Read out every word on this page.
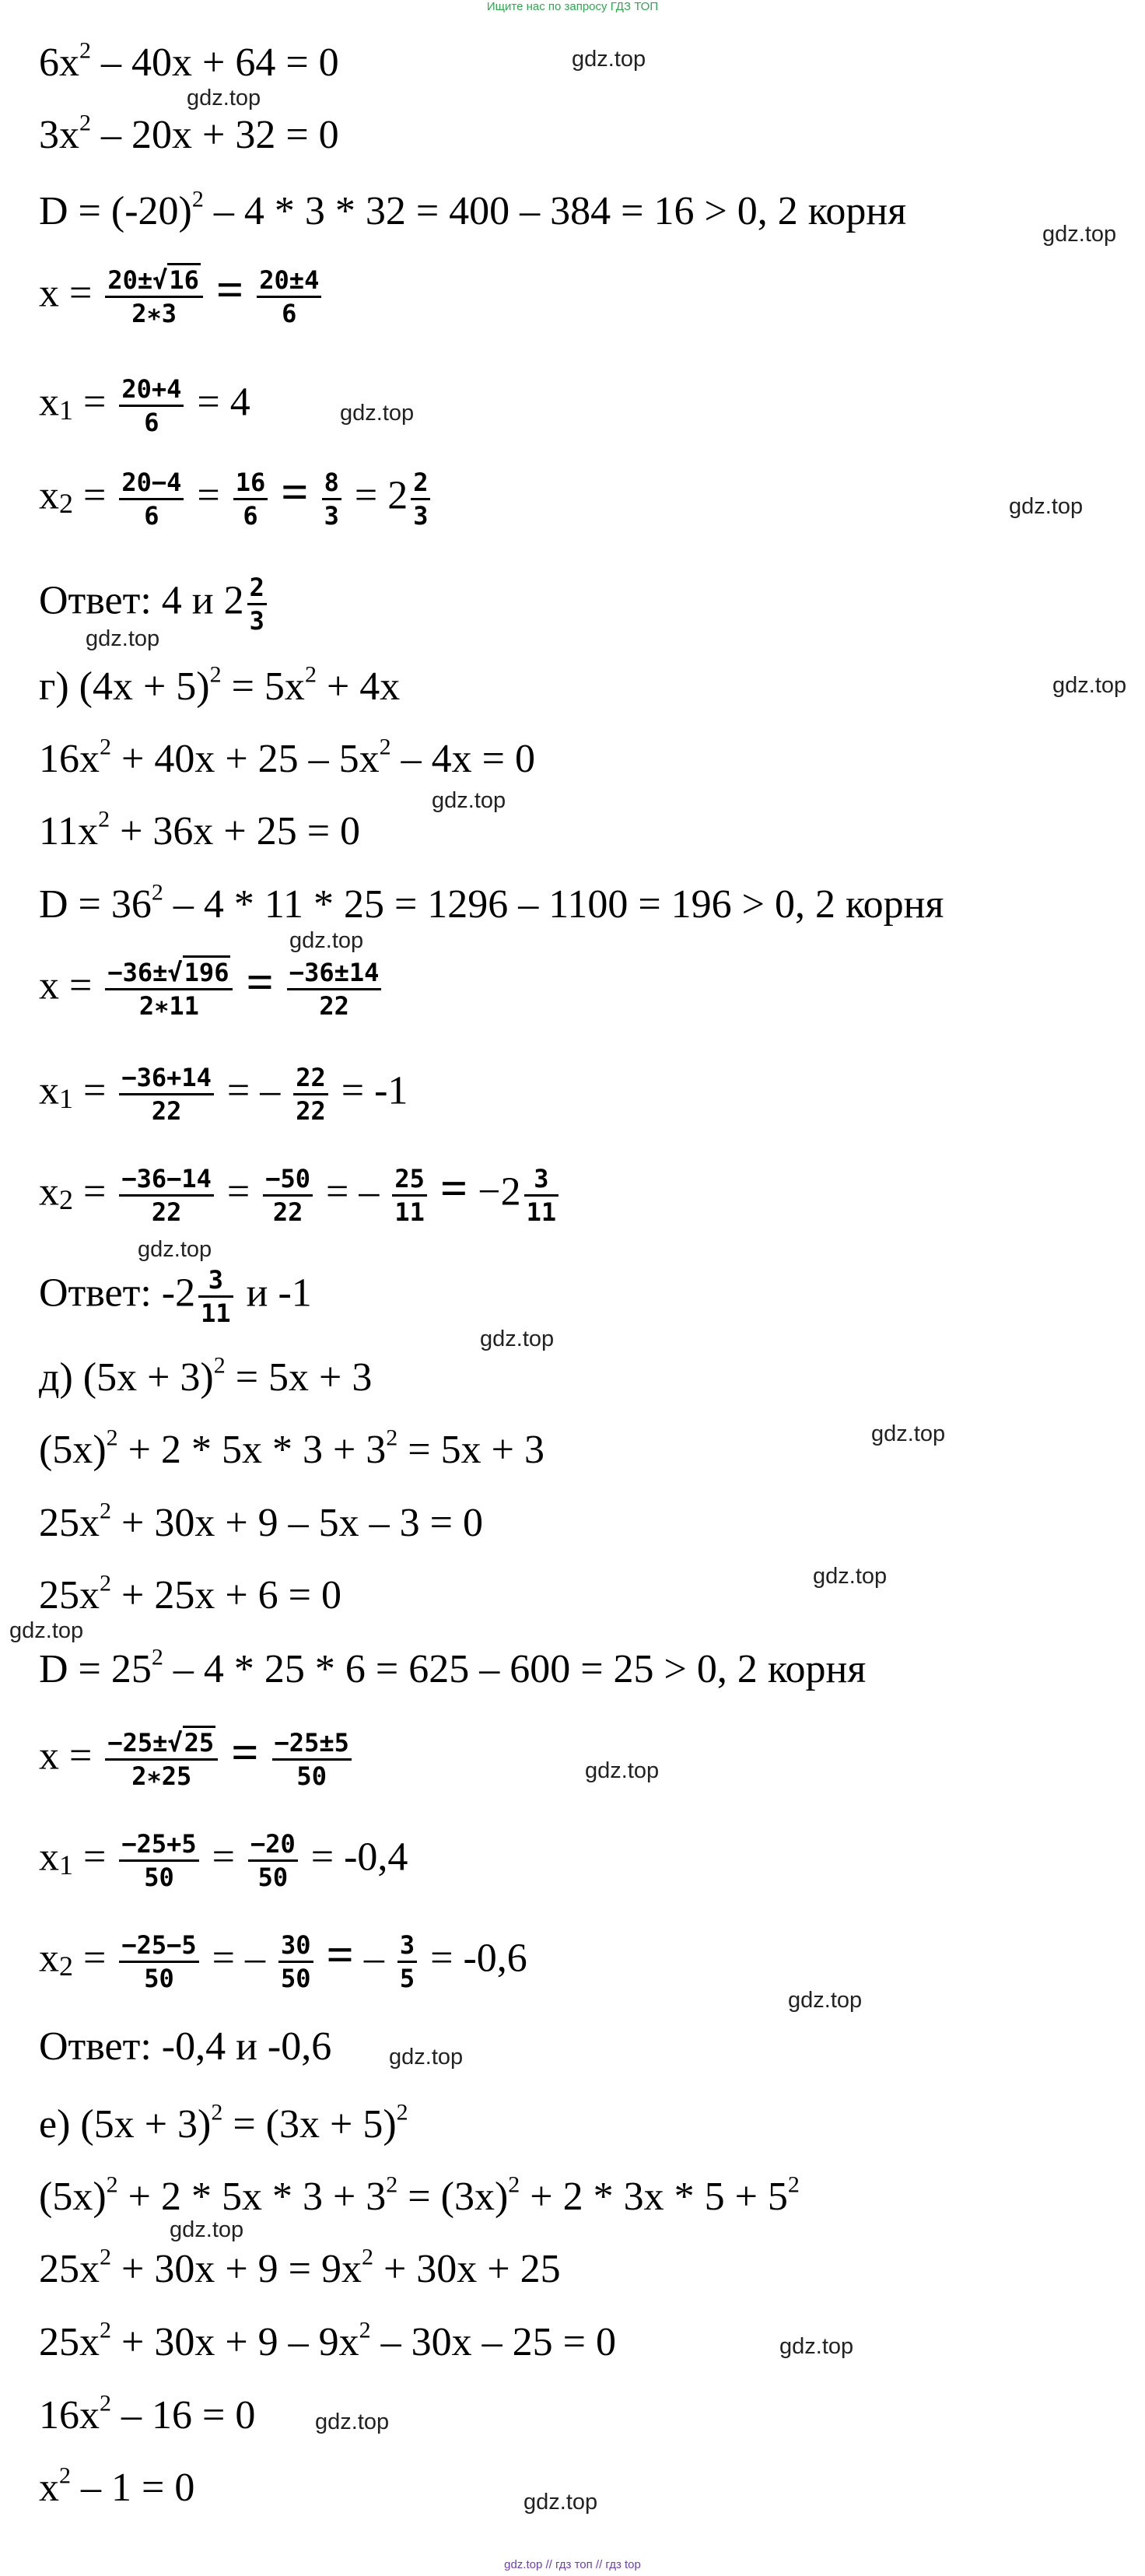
Ищите нас по запросу ГДЗ ТОП
$6x^2 - 40x + 64 = 0$
$3x^2 - 20x + 32 = 0$
$D = (-20)^2 - 4 * 3 * 32 = 400 - 384 = 16 > 0$, 2 корня
$x = \frac{20\pm√16}{2∗3} = \frac{20\pm 4}{6}$
$x1 = \frac{20+4}{6} = 4$
$x2 = \frac{20-4}{6} = \frac{16}{6} = \frac{8}{3} = 2 \frac{2}{3}$
Ответ: 4 и $2 \frac{2}{3}$
г) $(4x + 5)^2 = 5x^2 + 4x$
$16x^2 + 40x + 25 - 5x^2 - 4x = 0$
$11x^2 + 36x + 25 = 0$
$D = 36^2 - 4 * 11 * 25 = 1296 - 1100 = 196 > 0$, 2 корня
$x = \frac{-36\pm√196}{2∗11} = \frac{-36\pm 14}{22}$
$x1 = \frac{-36+14}{22}$ = – $\frac{22}{22} = -1$
$x2 = \frac{-36-14}{22} = \frac{-50}{22}$ = – $\frac{25}{11} = -2 \frac{3}{11}$
Ответ: $-2 \frac{3}{11}$ и -1
д) $(5x + 3)^2 = 5x + 3$
$(5x)^2 + 2 * 5x * 3 + 3^2 = 5x + 3$
$25x^2 + 30x + 9 - 5x - 3 = 0$
$25x^2 + 25x + 6 = 0$
$D = 25^2 - 4 * 25 * 6 = 625 - 600 = 25 > 0$, 2 корня
$x = \frac{-25\pm√25}{2∗25} = \frac{-25\pm 5}{50}$
$x1 = \frac{-25+5}{50} = \frac{-20}{50} = -0,4$
$x2 = \frac{-25-5}{50}$ = – $\frac{30}{50}$ = – $\frac{3}{5} = -0,6$
Ответ: -0,4 и -0,6
е) $(5x + 3)^2 = (3x + 5)^2$
$(5x)^2 + 2 * 5x * 3 + 3^2 = (3x)^2 + 2 * 3x * 5 + 5^2$
$25x^2 + 30x + 9 = 9x^2 + 30x + 25$
$25x^2 + 30x + 9 - 9x^2 - 30x - 25 = 0$
$16x^2 - 16 = 0$
$x^2 - 1 = 0$
gdz.top
gdz.top
gdz.top
gdz.top
gdz.top
gdz.top
gdz.top
gdz.top
gdz.top
gdz.top
gdz.top
gdz.top
gdz.top
gdz.top
gdz.top
gdz.top
gdz.top
gdz.top
gdz.top
gdz.top
gdz.top
gdz.top // гдз топ // гдз top
